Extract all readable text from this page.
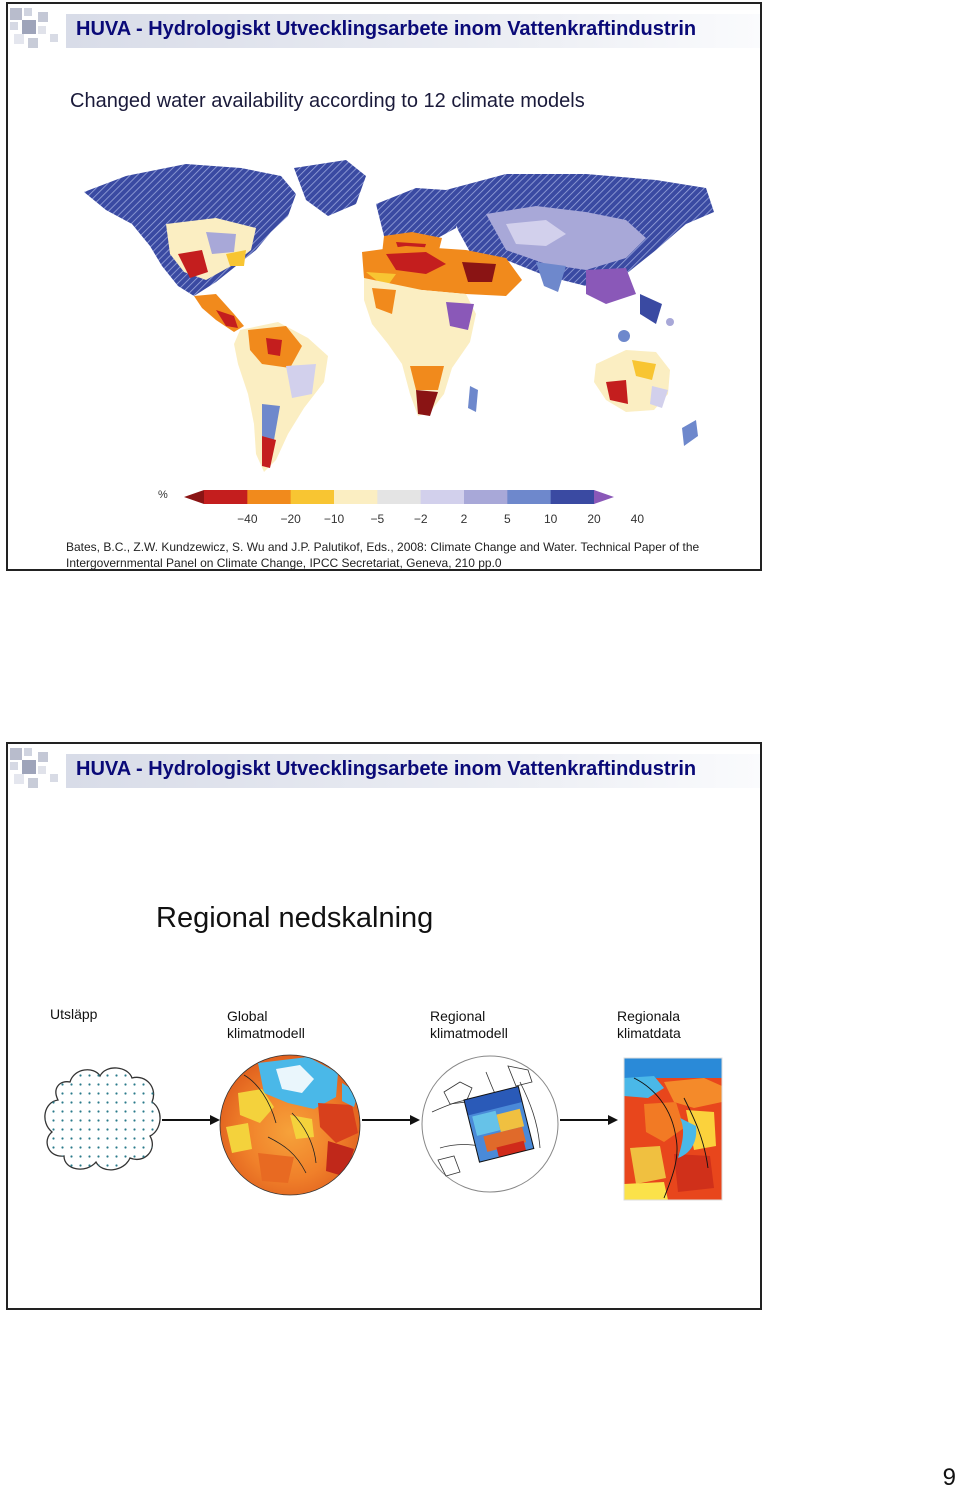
HUVA - Hydrologiskt Utvecklingsarbete inom Vattenkraftindustrin
Changed water availability according to 12 climate models
%
−40 −20 −10 −5 −2	2	5	10 20 40
Bates, B.C., Z.W. Kundzewicz, S. Wu and J.P. Palutikof, Eds., 2008: Climate Change and Water. Technical Paper of the Intergovernmental Panel on Climate Change, IPCC Secretariat, Geneva, 210 pp.0
HUVA - Hydrologiskt Utvecklingsarbete inom Vattenkraftindustrin
Regional nedskalning
Utsläpp	Global
klimatmodell
Regional
klimatmodell
Regionala
klimatdata
9
